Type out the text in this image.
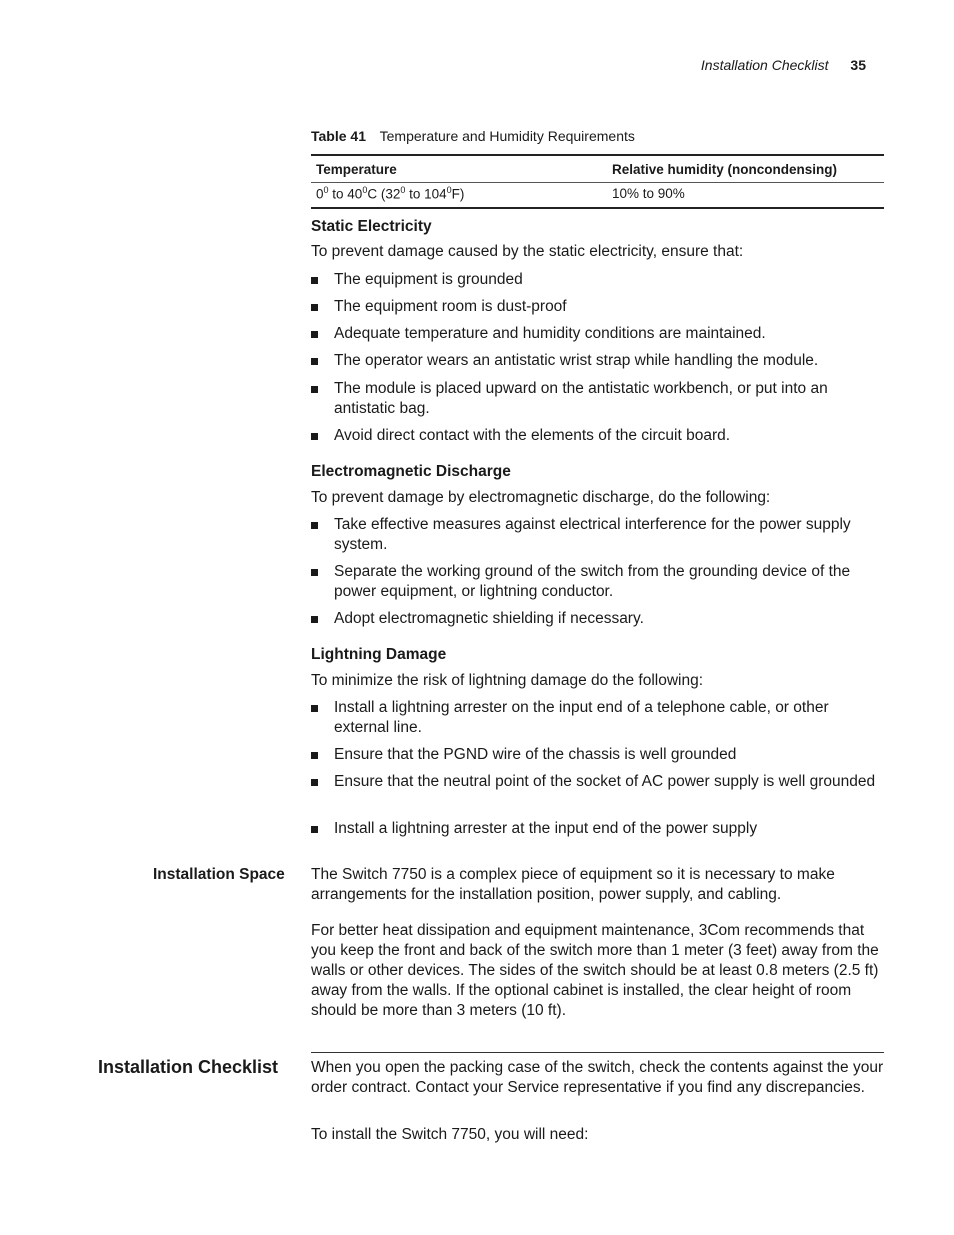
Installation Checklist 35
Table 41 Temperature and Humidity Requirements
Temperature	Relative humidity (noncondensing)
$0^0$ to $40^0C$ ($32^0$ to $104^0F$)	10% to 90%
Static Electricity

To prevent damage caused by the static electricity, ensure that:

The equipment is grounded
The equipment room is dust-proof
Adequate temperature and humidity conditions are maintained.
The operator wears an antistatic wrist strap while handling the module.
The module is placed upward on the antistatic workbench, or put into an antistatic bag.
Avoid direct contact with the elements of the circuit board.
Electromagnetic Discharge

To prevent damage by electromagnetic discharge, do the following:

Take effective measures against electrical interference for the power supply system.
Separate the working ground of the switch from the grounding device of the power equipment, or lightning conductor.
Adopt electromagnetic shielding if necessary.
Lightning Damage

To minimize the risk of lightning damage do the following:

Install a lightning arrester on the input end of a telephone cable, or other external line.
Ensure that the PGND wire of the chassis is well grounded
Ensure that the neutral point of the socket of AC power supply is well grounded
Install a lightning arrester at the input end of the power supply
Installation Space The Switch 7750 is a complex piece of equipment so it is necessary to make arrangements for the installation position, power supply, and cabling.

For better heat dissipation and equipment maintenance, 3Com recommends that you keep the front and back of the switch more than 1 meter (3 feet) away from the walls or other devices. The sides of the switch should be at least 0.8 meters (2.5 ft) away from the walls. If the optional cabinet is installed, the clear height of room should be more than 3 meters (10 ft).

Installation Checklist When you open the packing case of the switch, check the contents against the your order contract. Contact your Service representative if you find any discrepancies.

To install the Switch 7750, you will need:
